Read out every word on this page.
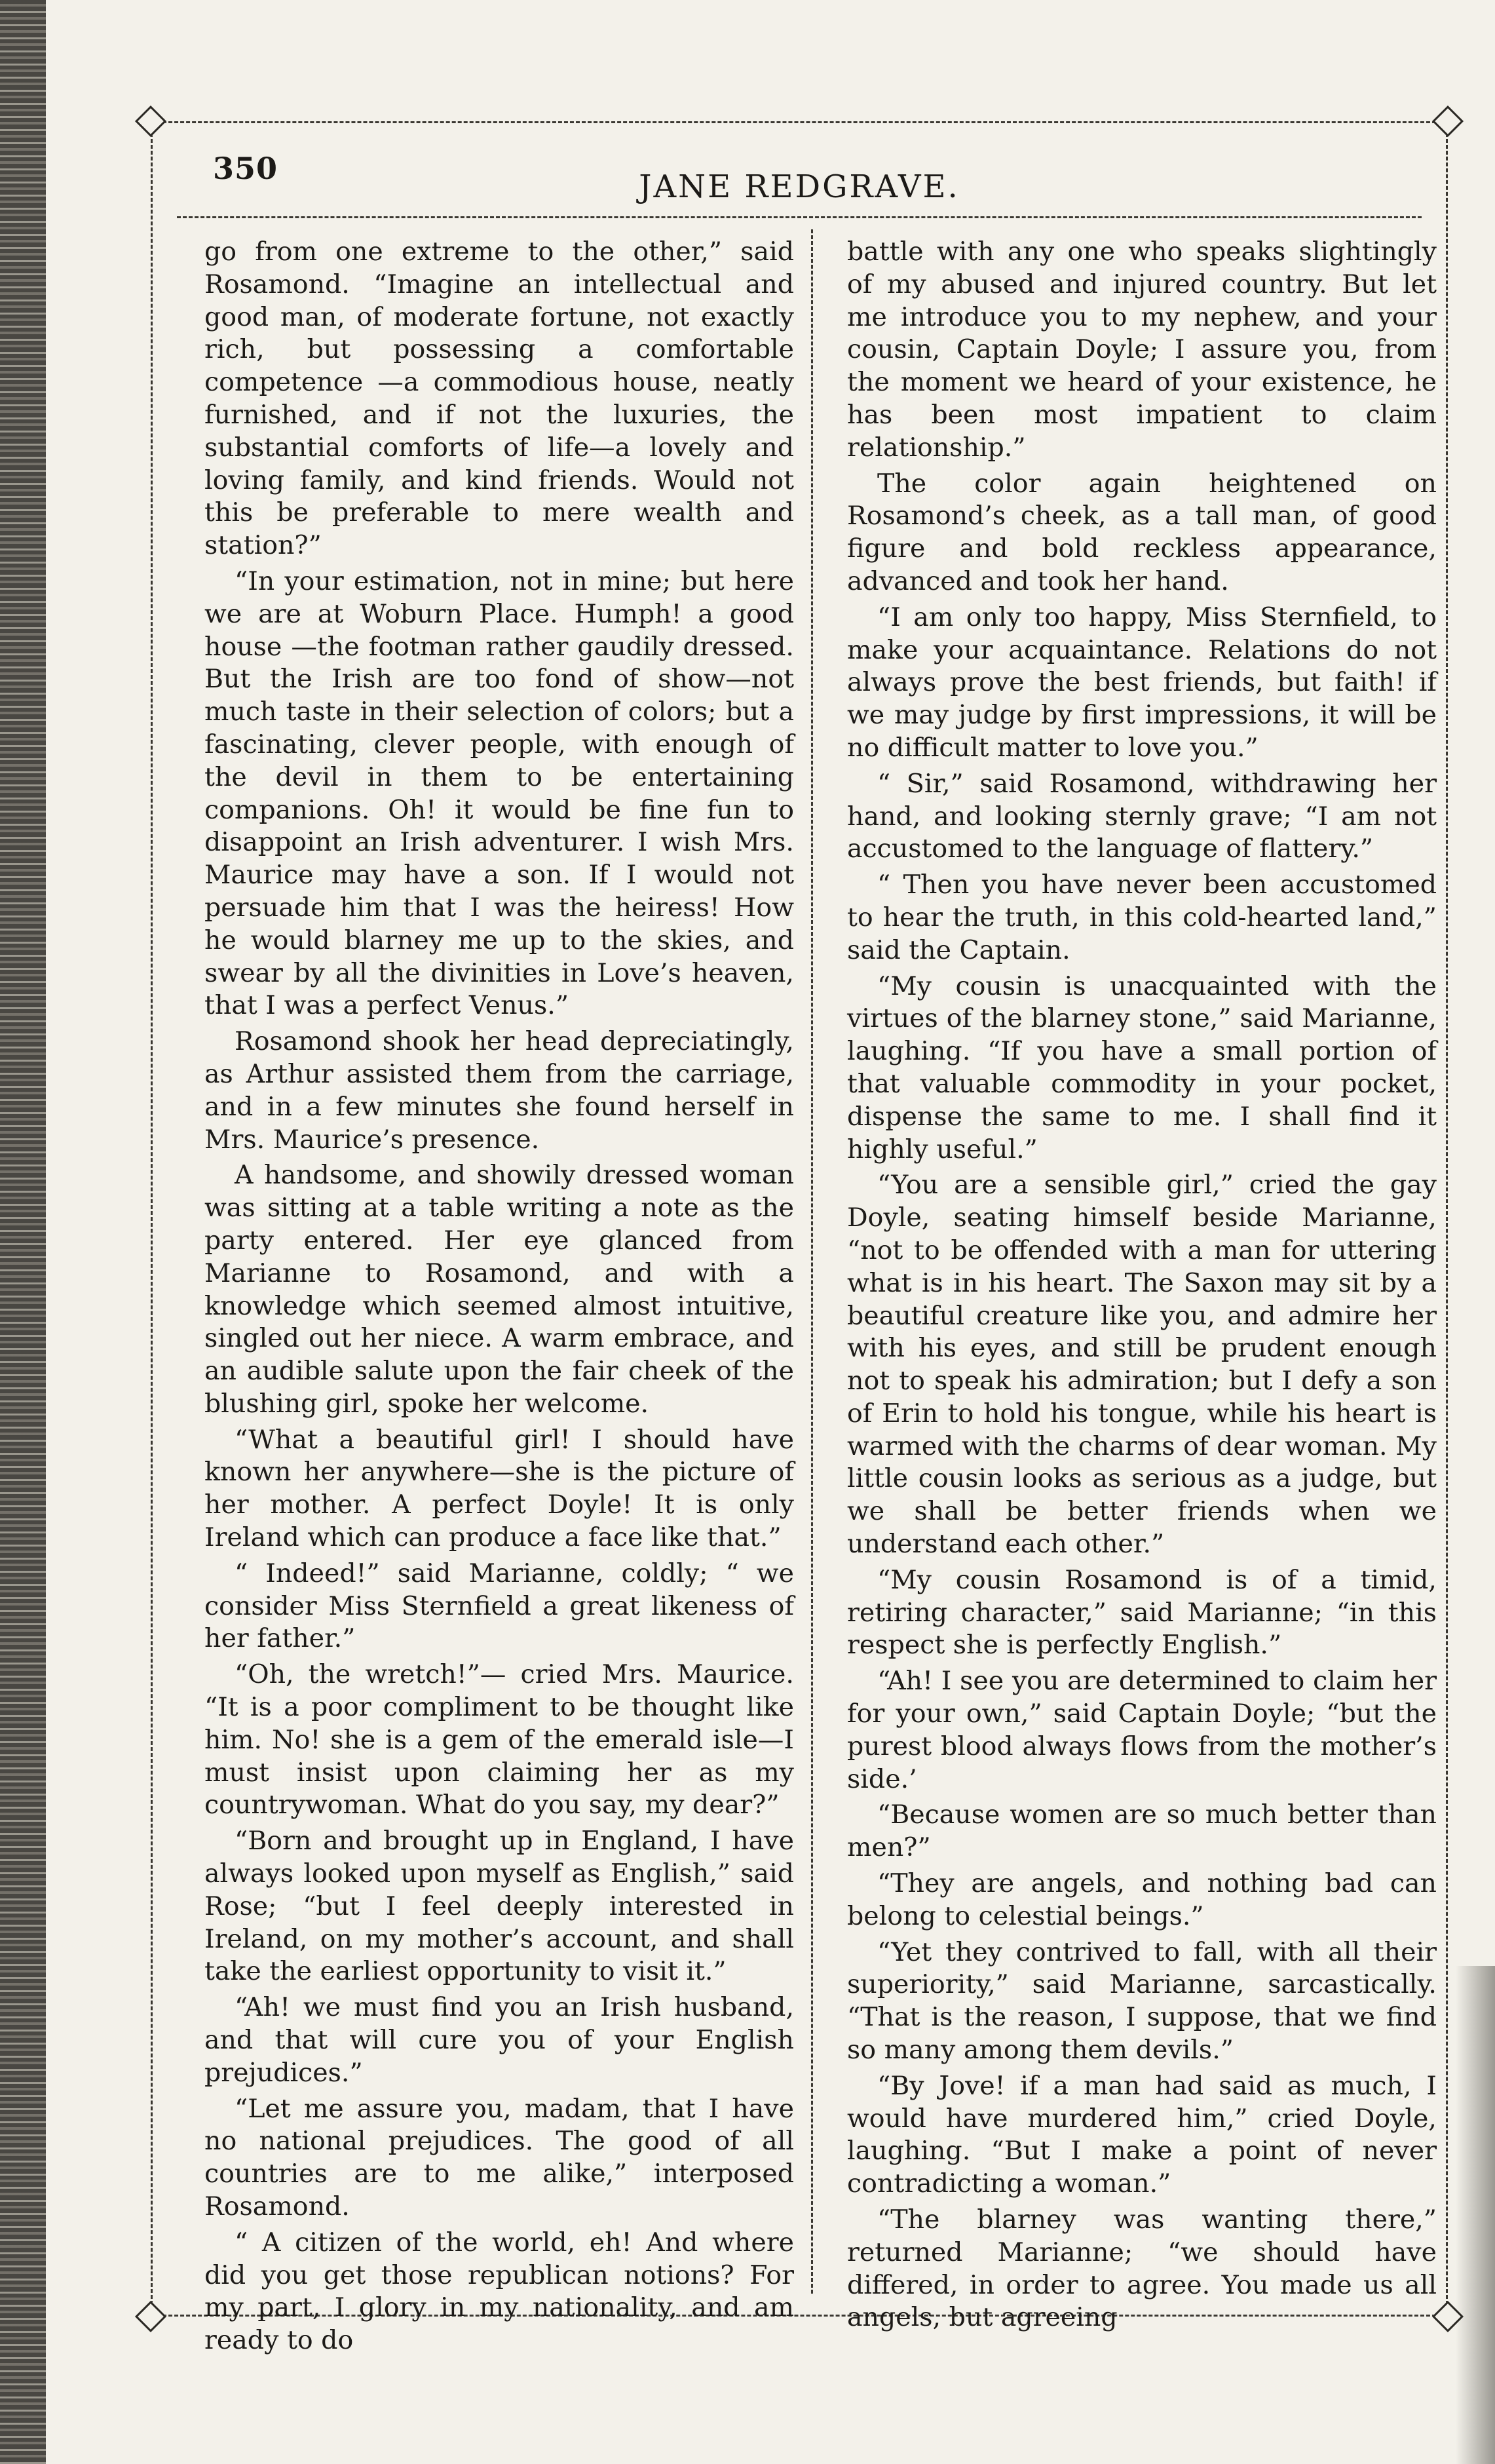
350	JANE REDGRAVE.

go from one extreme to the other,” said Rosamond. “Imagine an intellectual and good man, of moderate fortune, not exactly rich, but possessing a comfortable competence —a commodious house, neatly furnished, and if not the luxuries, the substantial comforts of life—a lovely and loving family, and kind friends. Would not this be preferable to mere wealth and station?”

“In your estimation, not in mine; but here we are at Woburn Place. Humph! a good house —the footman rather gaudily dressed. But the Irish are too fond of show—not much taste in their selection of colors; but a fascinating, clever people, with enough of the devil in them to be entertaining companions. Oh! it would be fine fun to disappoint an Irish adventurer. I wish Mrs. Maurice may have a son. If I would not persuade him that I was the heiress! How he would blarney me up to the skies, and swear by all the divinities in Love’s heaven, that I was a perfect Venus.”

Rosamond shook her head depreciatingly, as Arthur assisted them from the carriage, and in a few minutes she found herself in Mrs. Maurice’s presence.

A handsome, and showily dressed woman was sitting at a table writing a note as the party entered. Her eye glanced from Marianne to Rosamond, and with a knowledge which seemed almost intuitive, singled out her niece. A warm embrace, and an audible salute upon the fair cheek of the blushing girl, spoke her welcome.

“What a beautiful girl! I should have known her anywhere—she is the picture of her mother. A perfect Doyle! It is only Ireland which can produce a face like that.”

“ Indeed!” said Marianne, coldly; “ we consider Miss Sternfield a great likeness of her father.”

“Oh, the wretch!”— cried Mrs. Maurice. “It is a poor compliment to be thought like him. No! she is a gem of the emerald isle—I must insist upon claiming her as my countrywoman. What do you say, my dear?”

“Born and brought up in England, I have always looked upon myself as English,” said Rose; “but I feel deeply interested in Ireland, on my mother’s account, and shall take the earliest opportunity to visit it.”

“Ah! we must find you an Irish husband, and that will cure you of your English prejudices.”

“Let me assure you, madam, that I have no national prejudices. The good of all countries are to me alike,” interposed Rosamond.

“ A citizen of the world, eh! And where did you get those republican notions? For my part, I glory in my nationality, and am ready to do

battle with any one who speaks slightingly of my abused and injured country. But let me introduce you to my nephew, and your cousin, Captain Doyle; I assure you, from the moment we heard of your existence, he has been most impatient to claim relationship.”

The color again heightened on Rosamond’s cheek, as a tall man, of good figure and bold reckless appearance, advanced and took her hand.

“I am only too happy, Miss Sternfield, to make your acquaintance. Relations do not always prove the best friends, but faith! if we may judge by first impressions, it will be no difficult matter to love you.”

“ Sir,” said Rosamond, withdrawing her hand, and looking sternly grave; “I am not accustomed to the language of flattery.”

“ Then you have never been accustomed to hear the truth, in this cold-hearted land,” said the Captain.

“My cousin is unacquainted with the virtues of the blarney stone,” said Marianne, laughing. “If you have a small portion of that valuable commodity in your pocket, dispense the same to me. I shall find it highly useful.”

“You are a sensible girl,” cried the gay Doyle, seating himself beside Marianne, “not to be offended with a man for uttering what is in his heart. The Saxon may sit by a beautiful creature like you, and admire her with his eyes, and still be prudent enough not to speak his admiration; but I defy a son of Erin to hold his tongue, while his heart is warmed with the charms of dear woman. My little cousin looks as serious as a judge, but we shall be better friends when we understand each other.”

“My cousin Rosamond is of a timid, retiring character,” said Marianne; “in this respect she is perfectly English.”

“Ah! I see you are determined to claim her for your own,” said Captain Doyle; “but the purest blood always flows from the mother’s side.’

“Because women are so much better than men?”

“They are angels, and nothing bad can belong to celestial beings.”

“Yet they contrived to fall, with all their superiority,” said Marianne, sarcastically. “That is the reason, I suppose, that we find so many among them devils.”

“By Jove! if a man had said as much, I would have murdered him,” cried Doyle, laughing. “But I make a point of never contradicting a woman.”

“The blarney was wanting there,” returned Marianne; “we should have differed, in order to agree. You made us all angels, but agreeing
